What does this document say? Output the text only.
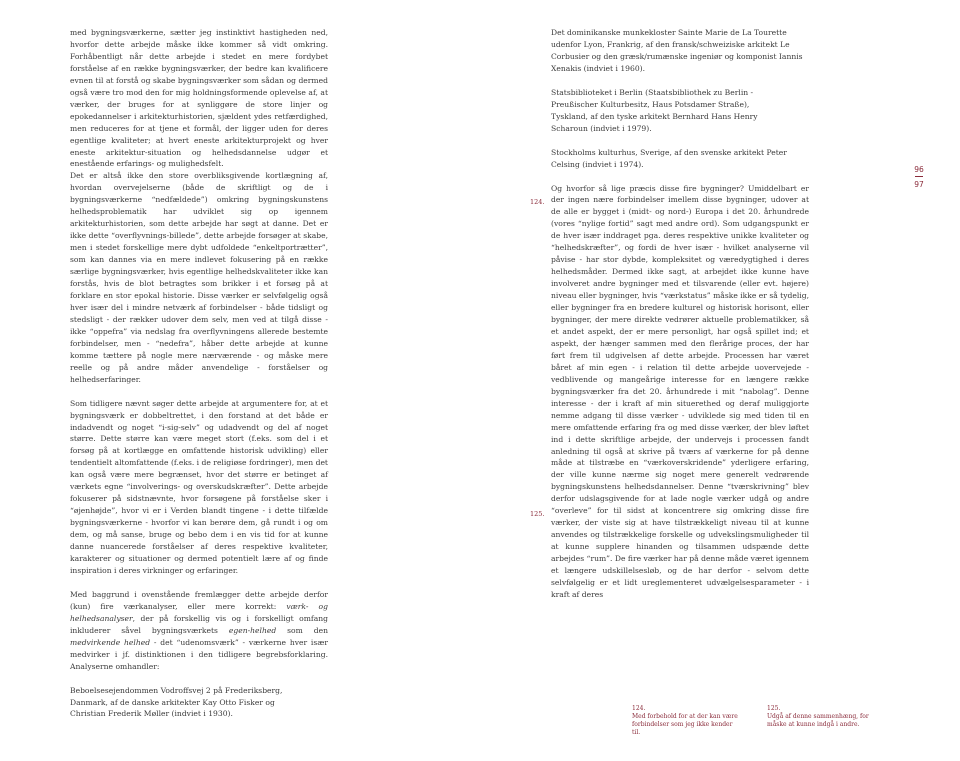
med bygningsværkerne, sætter jeg instinktivt hastigheden ned, hvorfor dette arbejde måske ikke kommer så vidt omkring. Forhåbentligt når dette arbejde i stedet en mere fordybet forståelse af en række bygningsværker, der bedre kan kvalificere evnen til at forstå og skabe bygningsværker som sådan og dermed også være tro mod den for mig holdningsformende oplevelse af, at værker, der bruges for at synliggøre de store linjer og epokedannelser i arkitekturhistorien, sjældent ydes retfærdighed, men reduceres for at tjene et formål, der ligger uden for deres egentlige kvaliteter; at hvert eneste arkitekturprojekt og hver eneste arkitektur-situation og helhedsdannelse udgør et enestående erfarings- og mulighedsfelt.

Det er altså ikke den store overbliksgivende kortlægning af, hvordan overvejelserne (både de skriftligt og de i bygningsværkerne “nedfældede”) omkring bygningskunstens helhedsproblematik har udviklet sig op igennem arkitekturhistorien, som dette arbejde har søgt at danne. Det er ikke dette “overflyvnings-billede”, dette arbejde forsøger at skabe, men i stedet forskellige mere dybt udfoldede “enkeltportrætter”, som kan dannes via en mere indlevet fokusering på en række særlige bygningsværker, hvis egentlige helhedskvaliteter ikke kan forstås, hvis de blot betragtes som brikker i et forsøg på at forklare en stor epokal historie. Disse værker er selvfølgelig også hver især del i mindre netværk af forbindelser - både tidsligt og stedsligt - der rækker udover dem selv, men ved at tilgå disse - ikke “oppefra” via nedslag fra overflyvningens allerede bestemte forbindelser, men - “nedefra”, håber dette arbejde at kunne komme tættere på nogle mere nærværende - og måske mere reelle og på andre måder anvendelige - forståelser og helhedserfaringer.

Som tidligere nævnt søger dette arbejde at argumentere for, at et bygningsværk er dobbeltrettet, i den forstand at det både er indadvendt og noget “i-sig-selv” og udadvendt og del af noget større. Dette større kan være meget stort (f.eks. som del i et forsøg på at kortlægge en omfattende historisk udvikling) eller tendentielt altomfattende (f.eks. i de religiøse fordringer), men det kan også være mere begrænset, hvor det større er betinget af værkets egne “involverings- og overskudskræfter”. Dette arbejde fokuserer på sidstnævnte, hvor forsøgene på forståelse sker i “øjenhøjde”, hvor vi er i Verden blandt tingene - i dette tilfælde bygningsværkerne - hvorfor vi kan berøre dem, gå rundt i og om dem, og må sanse, bruge og bebo dem i en vis tid for at kunne danne nuancerede forståelser af deres respektive kvaliteter, karakterer og situationer og dermed potentielt lære af og finde inspiration i deres virkninger og erfaringer.

Med baggrund i ovenstående fremlægger dette arbejde derfor (kun) fire værkanalyser, eller mere korrekt: værk- og helhedsanalyser, der på forskellig vis og i forskelligt omfang inkluderer såvel bygningsværkets egen-helhed som den medvirkende helhed - det “udenomsværk” - værkerne hver især medvirker i jf. distinktionen i den tidligere begrebsforklaring. Analyserne omhandler:

Beboelsesejendommen Vodroffsvej 2 på Frederiksberg, Danmark, af de danske arkitekter Kay Otto Fisker og Christian Frederik Møller (indviet i 1930).

Det dominikanske munkekloster Sainte Marie de La Tourette udenfor Lyon, Frankrig, af den fransk/schweiziske arkitekt Le Corbusier og den græsk/rumænske ingeniør og komponist Iannis Xenakis (indviet i 1960).

Statsbiblioteket i Berlin (Staatsbibliothek zu Berlin - Preußischer Kulturbesitz, Haus Potsdamer Straße), Tyskland, af den tyske arkitekt Bernhard Hans Henry Scharoun (indviet i 1979).

Stockholms kulturhus, Sverige, af den svenske arkitekt Peter Celsing (indviet i 1974).

Og hvorfor så lige præcis disse fire bygninger? Umiddelbart er der ingen nære forbindelser imellem disse bygninger, udover at de alle er bygget i (midt- og nord-) Europa i det 20. århundrede (vores “nylige fortid” sagt med andre ord). Som udgangspunkt er de hver især inddraget pga. deres respektive unikke kvaliteter og “helhedskræfter”, og fordi de hver især - hvilket analyserne vil påvise - har stor dybde, kompleksitet og væredygtighed i deres helhedsmåder. Dermed ikke sagt, at arbejdet ikke kunne have involveret andre bygninger med et tilsvarende (eller evt. højere) niveau eller bygninger, hvis “værkstatus” måske ikke er så tydelig, eller bygninger fra en bredere kulturel og historisk horisont, eller bygninger, der mere direkte vedrører aktuelle problematikker, så et andet aspekt, der er mere personligt, har også spillet ind; et aspekt, der hænger sammen med den flerårige proces, der har ført frem til udgivelsen af dette arbejde. Processen har været båret af min egen - i relation til dette arbejde uovervejede - vedblivende og mangeårige interesse for en længere række bygningsværker fra det 20. århundrede i mit “nabolag”. Denne interesse - der i kraft af min situerethed og deraf muliggjorte nemme adgang til disse værker - udviklede sig med tiden til en mere omfattende erfaring fra og med disse værker, der blev løftet ind i dette skriftlige arbejde, der undervejs i processen fandt anledning til også at skrive på tværs af værkerne for på denne måde at tilstræbe en “værkoverskridende” yderligere erfaring, der ville kunne nærme sig noget mere generelt vedrørende bygningskunstens helhedsdannelser. Denne “tværskrivning” blev derfor udslagsgivende for at lade nogle værker udgå og andre “overleve” for til sidst at koncentrere sig omkring disse fire værker, der viste sig at have tilstrækkeligt niveau til at kunne anvendes og tilstrækkelige forskelle og udvekslingsmuligheder til at kunne supplere hinanden og tilsammen udspænde dette arbejdes “rum”. De fire værker har på denne måde været igennem et længere udskillelsesløb, og de har derfor - selvom dette selvfølgelig er et lidt ureglementeret udvælgelsesparameter - i kraft af deres

124.
125.
96
97
124.
Med forbehold for at der kan være forbindelser som jeg ikke kender til.
125.
Udgå af denne sammenhæng, for måske at kunne indgå i andre.
